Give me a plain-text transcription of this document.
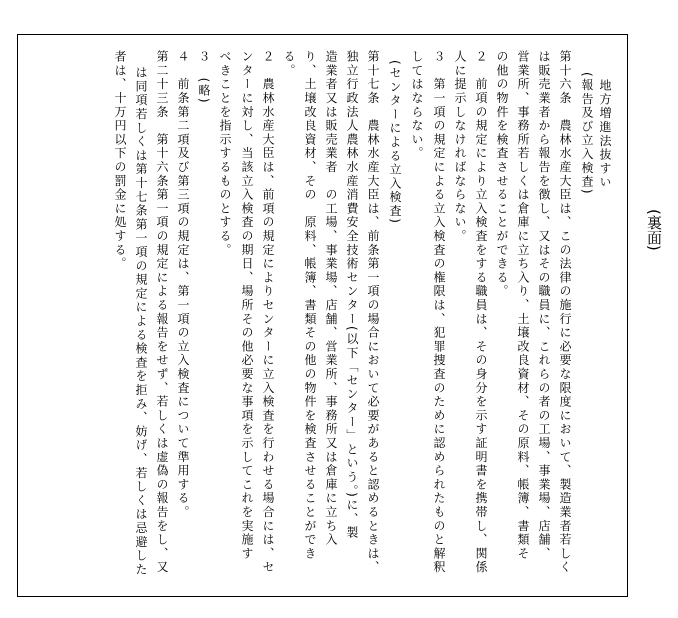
(裏面)
地方増進法抜すい
(報告及び立入検査)
第十六条　農林水産大臣は、この法律の施行に必要な限度において、製造業者若しく
は販売業者から報告を徴し、又はその職員に、これらの者の工場、事業場、店舗、
営業所、事務所若しくは倉庫に立ち入り、土壌改良資材、その原料、帳簿、書類そ
の他の物件を検査させることができる。
２　前項の規定により立入検査をする職員は、その身分を示す証明書を携帯し、関係
人に提示しなければならない。
３　第一項の規定による立入検査の権限は、犯罪捜査のために認められたものと解釈
してはならない。
(センターによる立入検査)
第十七条　農林水産大臣は、前条第一項の場合において必要があると認めるときは、
独立行政法人農林水産消費安全技術センター(以下「センター」という。)に、製
造業者又は販売業者　の工場、事業場、店舗、営業所、事務所又は倉庫に立ち入
り、土壌改良資材、その　原料、帳簿、書類その他の物件を検査させることができ
る。
２　農林水産大臣は、前項の規定によりセンターに立入検査を行わせる場合には、セ
ンターに対し、当該立入検査の期日、場所その他必要な事項を示してこれを実施す
べきことを指示するものとする。
３　(略)
４　前条第二項及び第三項の規定は、第一項の立入検査について準用する。
第二十三条　第十六条第一項の規定による報告をせず、若しくは虚偽の報告をし、又
は同項若しくは第十七条第一項の規定による検査を拒み、妨げ、若しくは忌避した
者は、十万円以下の罰金に処する。
